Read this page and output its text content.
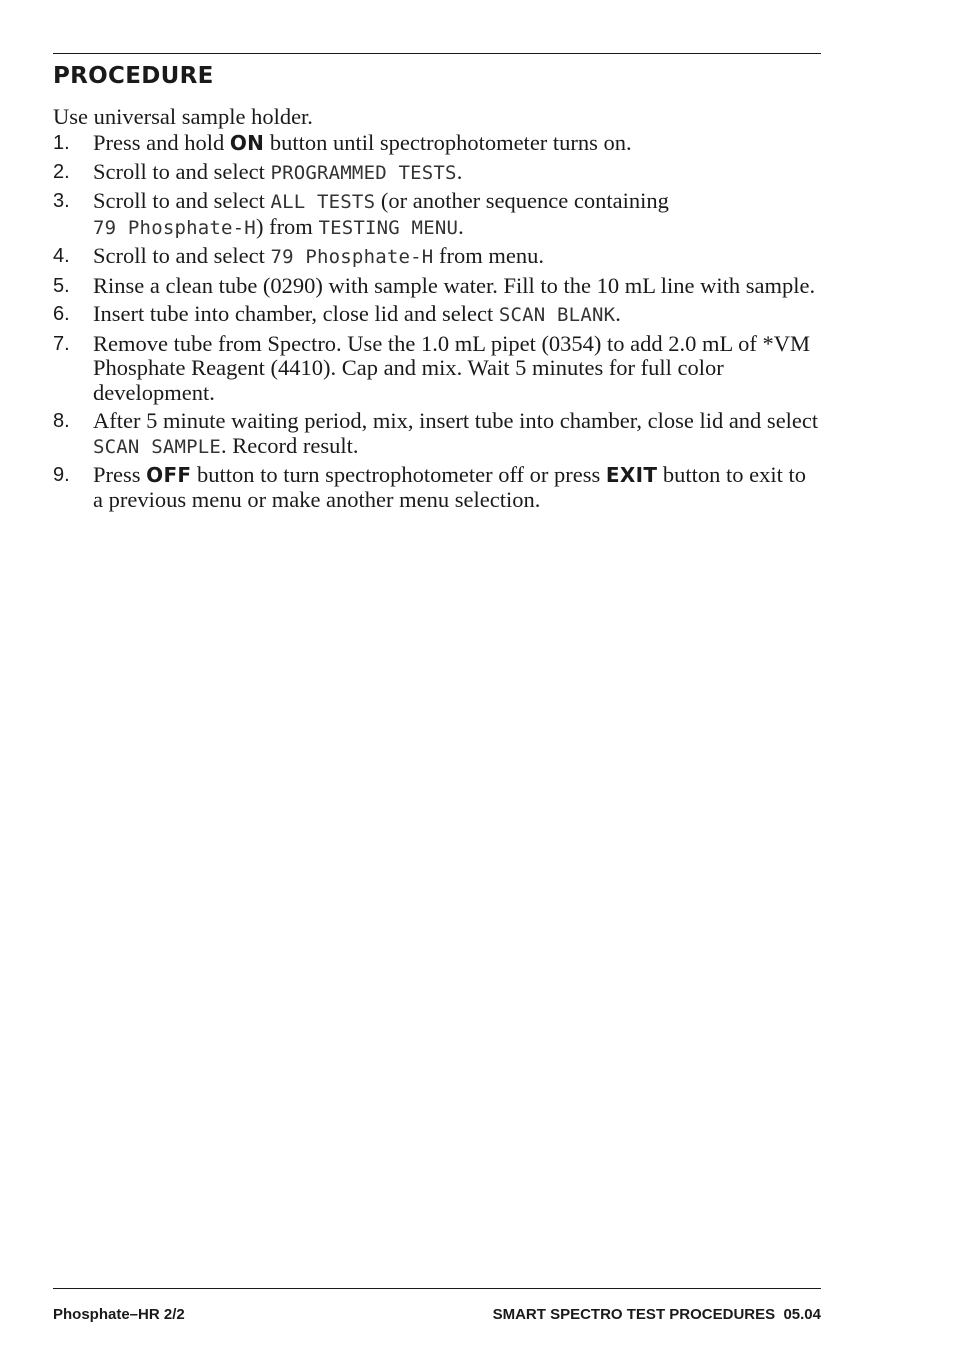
PROCEDURE

Use universal sample holder.

1. Press and hold ON button until spectrophotometer turns on.
2. Scroll to and select PROGRAMMED TESTS.
3. Scroll to and select ALL TESTS (or another sequence containing
79 Phosphate-H) from TESTING MENU.
4. Scroll to and select 79 Phosphate-H from menu.
5. Rinse a clean tube (0290) with sample water. Fill to the 10 mL line with sample.
6. Insert tube into chamber, close lid and select SCAN BLANK.
7. Remove tube from Spectro. Use the 1.0 mL pipet (0354) to add 2.0 mL of *VM Phosphate Reagent (4410). Cap and mix. Wait 5 minutes for full color development.
8. After 5 minute waiting period, mix, insert tube into chamber, close lid and select SCAN SAMPLE. Record result.
9. Press OFF button to turn spectrophotometer off or press EXIT button to exit to a previous menu or make another menu selection.

Phosphate–HR 2/2	SMART SPECTRO TEST PROCEDURES  05.04
